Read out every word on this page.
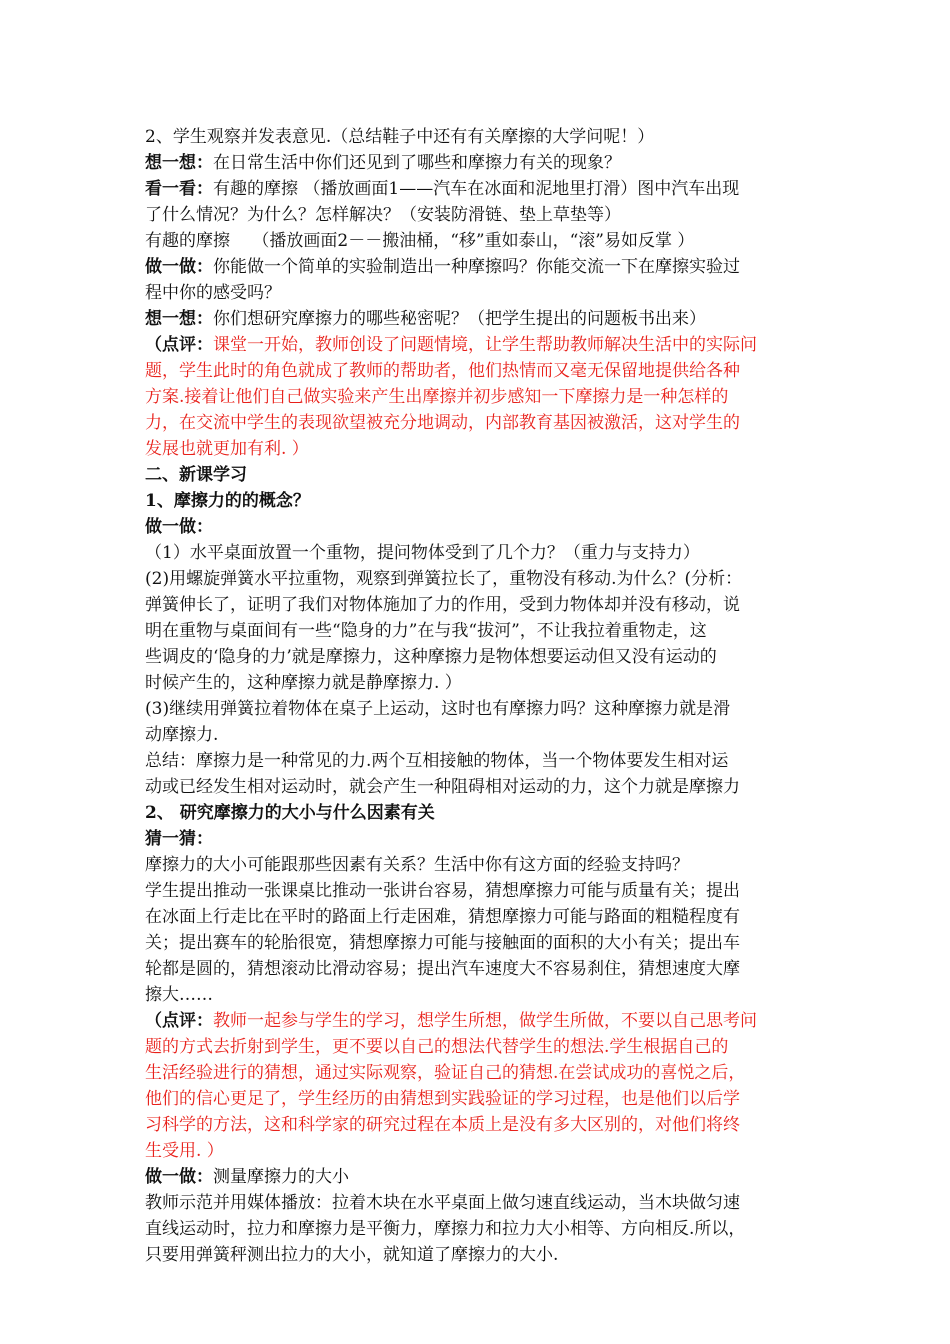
2、学生观察并发表意见.（总结鞋子中还有有关摩擦的大学问呢！）
想一想：在日常生活中你们还见到了哪些和摩擦力有关的现象？
看一看：有趣的摩擦 （播放画面1——汽车在冰面和泥地里打滑）图中汽车出现
了什么情况？为什么？怎样解决？（安装防滑链、垫上草垫等）
有趣的摩擦　 （播放画面2－－搬油桶，“移”重如泰山，“滚”易如反掌 ）
做一做：你能做一个简单的实验制造出一种摩擦吗？你能交流一下在摩擦实验过
程中你的感受吗？
想一想：你们想研究摩擦力的哪些秘密呢？（把学生提出的问题板书出来）
（点评：课堂一开始，教师创设了问题情境，让学生帮助教师解决生活中的实际问
题，学生此时的角色就成了教师的帮助者，他们热情而又毫无保留地提供给各种
方案.接着让他们自己做实验来产生出摩擦并初步感知一下摩擦力是一种怎样的
力，在交流中学生的表现欲望被充分地调动，内部教育基因被激活，这对学生的
发展也就更加有利. ）
二、新课学习
1、摩擦力的的概念？
做一做：
（1）水平桌面放置一个重物，提问物体受到了几个力？（重力与支持力）
(2)用螺旋弹簧水平拉重物，观察到弹簧拉长了，重物没有移动.为什么？(分析：
弹簧伸长了，证明了我们对物体施加了力的作用，受到力物体却并没有移动，说
明在重物与桌面间有一些“隐身的力”在与我“拔河”，不让我拉着重物走，这
些调皮的‘隐身的力’就是摩擦力，这种摩擦力是物体想要运动但又没有运动的
时候产生的，这种摩擦力就是静摩擦力. ）
(3)继续用弹簧拉着物体在桌子上运动，这时也有摩擦力吗？这种摩擦力就是滑
动摩擦力.
总结：摩擦力是一种常见的力.两个互相接触的物体，当一个物体要发生相对运
动或已经发生相对运动时，就会产生一种阻碍相对运动的力，这个力就是摩擦力
2、 研究摩擦力的大小与什么因素有关
猜一猜：
摩擦力的大小可能跟那些因素有关系？生活中你有这方面的经验支持吗？
学生提出推动一张课桌比推动一张讲台容易，猜想摩擦力可能与质量有关；提出
在冰面上行走比在平时的路面上行走困难，猜想摩擦力可能与路面的粗糙程度有
关；提出赛车的轮胎很宽，猜想摩擦力可能与接触面的面积的大小有关；提出车
轮都是圆的，猜想滚动比滑动容易；提出汽车速度大不容易刹住，猜想速度大摩
擦大……
（点评：教师一起参与学生的学习，想学生所想，做学生所做，不要以自己思考问
题的方式去折射到学生，更不要以自己的想法代替学生的想法.学生根据自己的
生活经验进行的猜想，通过实际观察，验证自己的猜想.在尝试成功的喜悦之后，
他们的信心更足了，学生经历的由猜想到实践验证的学习过程，也是他们以后学
习科学的方法，这和科学家的研究过程在本质上是没有多大区别的，对他们将终
生受用. ）
做一做：测量摩擦力的大小
教师示范并用媒体播放：拉着木块在水平桌面上做匀速直线运动，当木块做匀速
直线运动时，拉力和摩擦力是平衡力，摩擦力和拉力大小相等、方向相反.所以，
只要用弹簧秤测出拉力的大小，就知道了摩擦力的大小.
